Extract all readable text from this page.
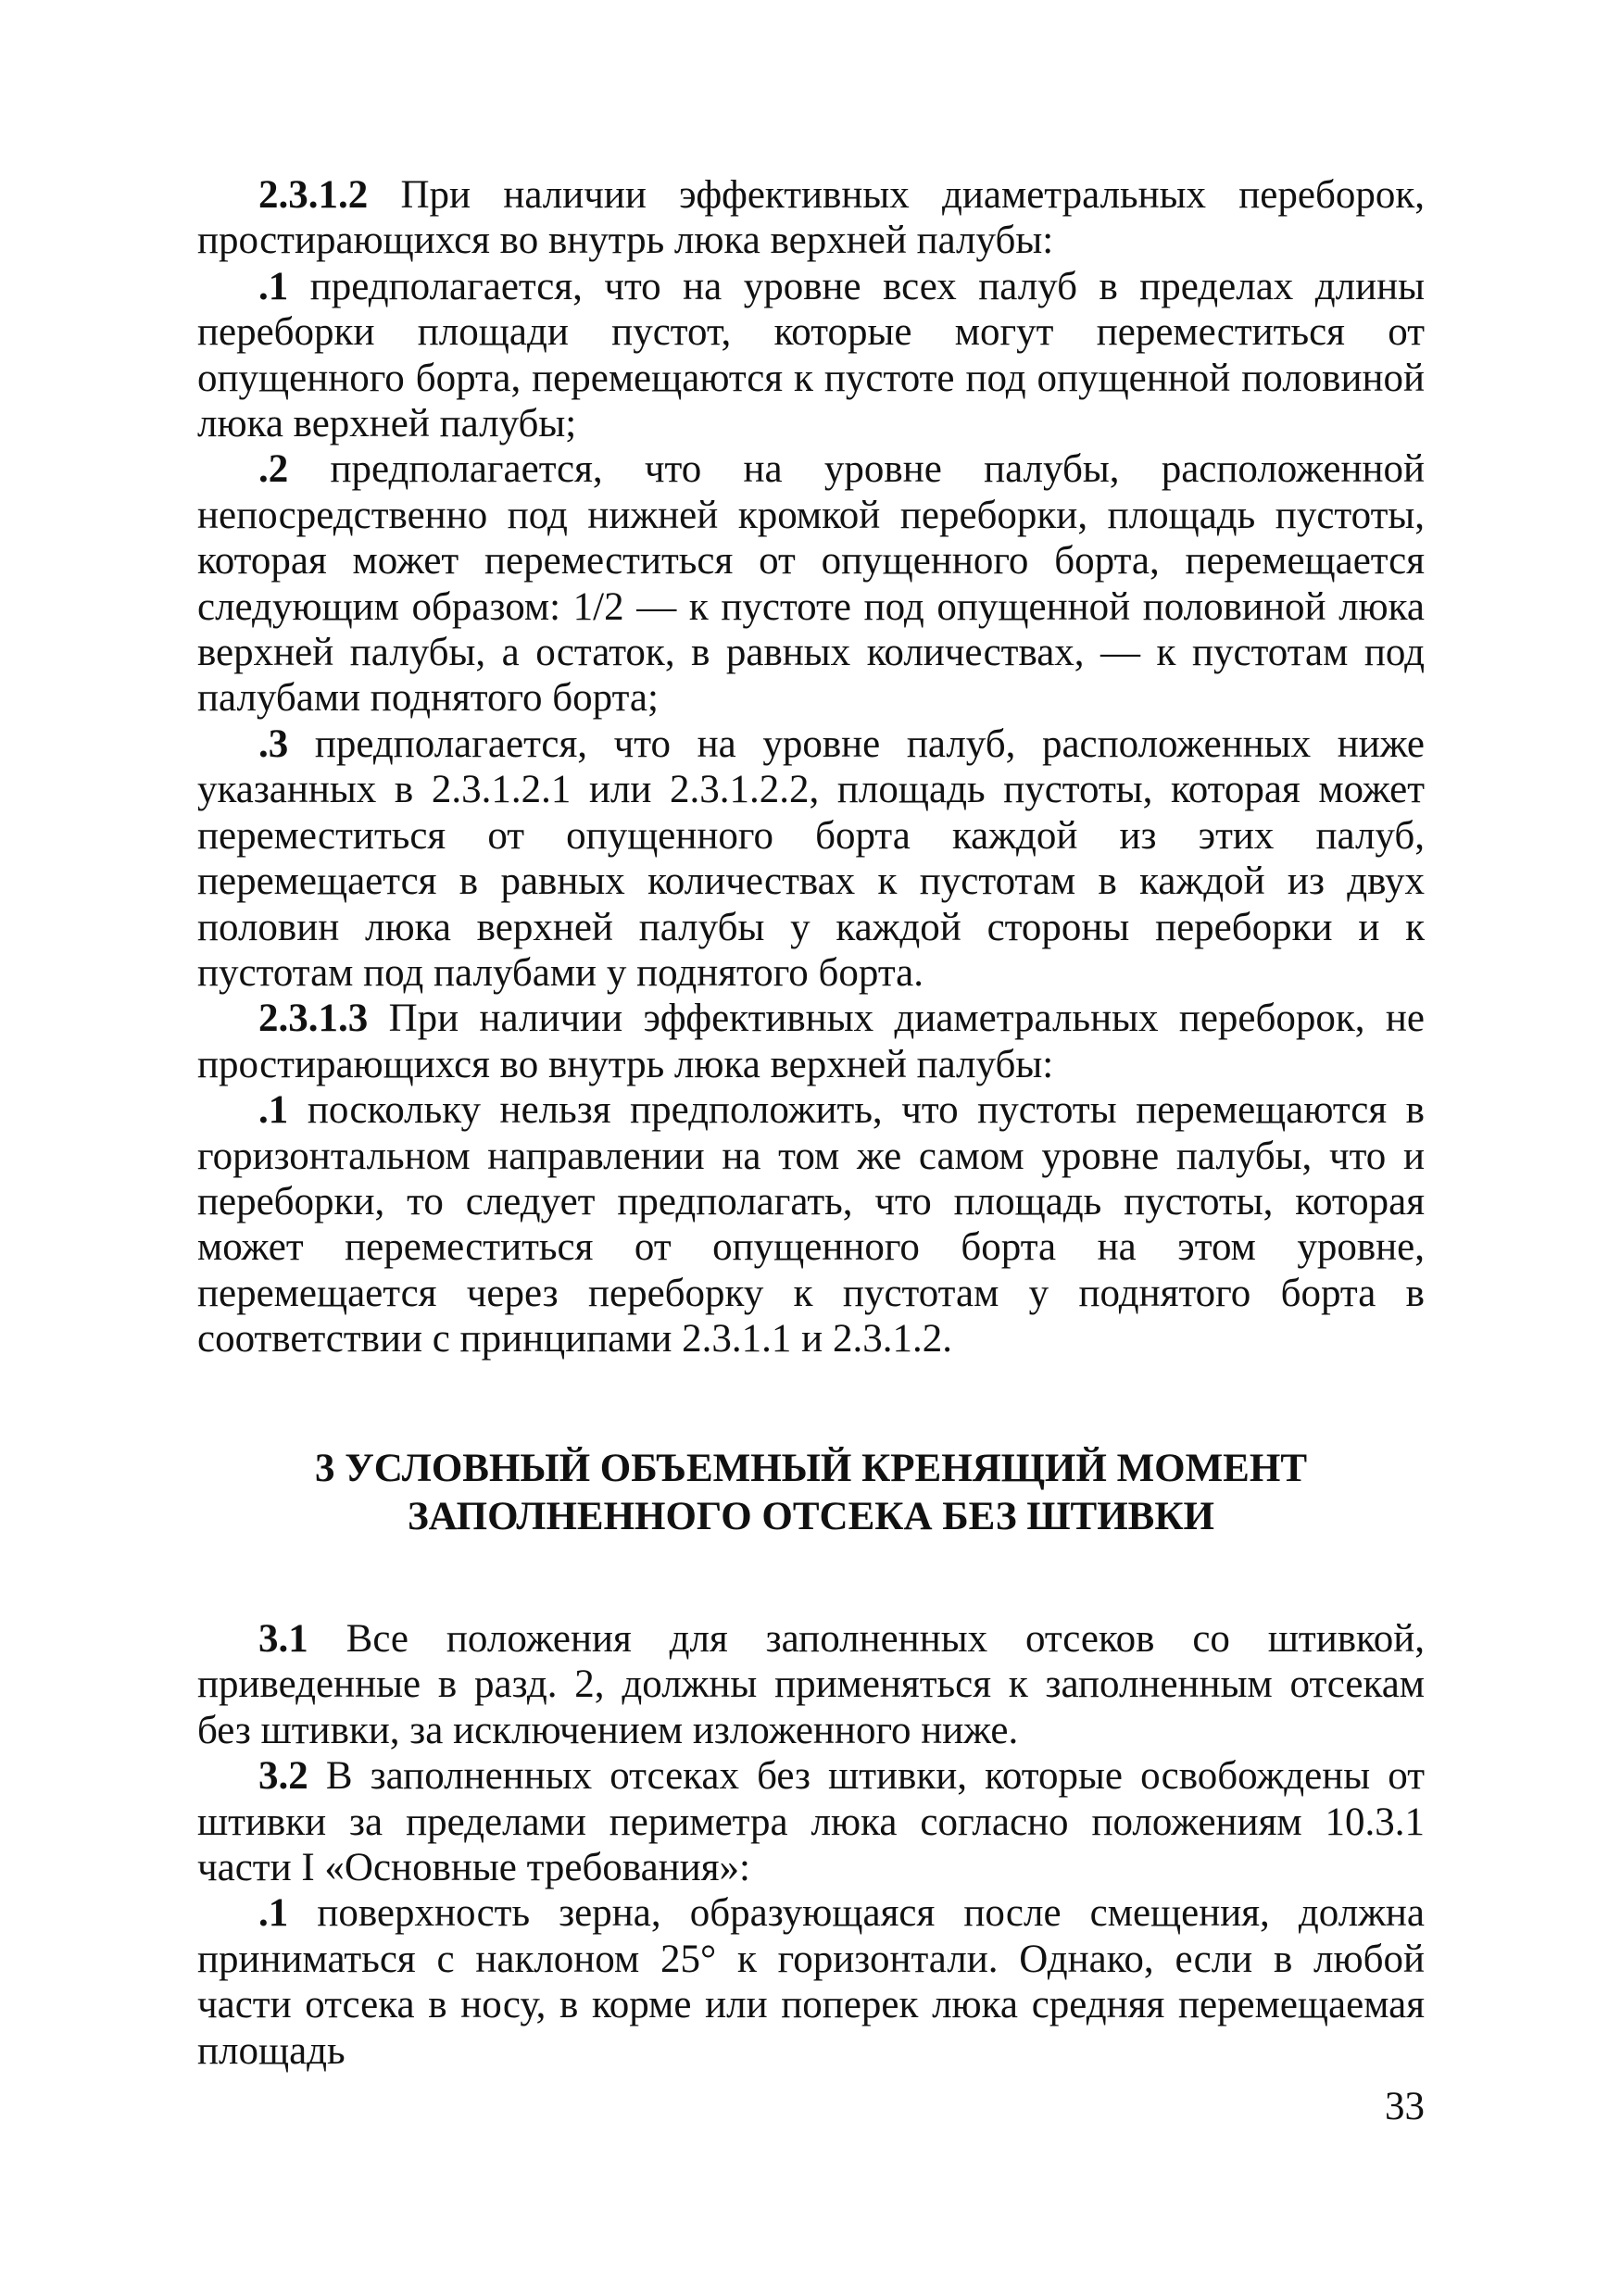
2.3.1.2 При наличии эффективных диаметральных переборок, простирающихся во внутрь люка верхней палубы:

.1 предполагается, что на уровне всех палуб в пределах длины переборки площади пустот, которые могут переместиться от опущенного борта, перемещаются к пустоте под опущенной половиной люка верхней палубы;

.2 предполагается, что на уровне палубы, расположенной непосредственно под нижней кромкой переборки, площадь пустоты, которая может переместиться от опущенного борта, перемещается следующим образом: 1/2 — к пустоте под опущенной половиной люка верхней палубы, а остаток, в равных количествах, — к пустотам под палубами поднятого борта;

.3 предполагается, что на уровне палуб, расположенных ниже указанных в 2.3.1.2.1 или 2.3.1.2.2, площадь пустоты, которая может переместиться от опущенного борта каждой из этих палуб, перемещается в равных количествах к пустотам в каждой из двух половин люка верхней палубы у каждой стороны переборки и к пустотам под палубами у поднятого борта.

2.3.1.3 При наличии эффективных диаметральных переборок, не простирающихся во внутрь люка верхней палубы:

.1 поскольку нельзя предположить, что пустоты перемещаются в горизонтальном направлении на том же самом уровне палубы, что и переборки, то следует предполагать, что площадь пустоты, которая может переместиться от опущенного борта на этом уровне, перемещается через переборку к пустотам у поднятого борта в соответствии с принципами 2.3.1.1 и 2.3.1.2.

3 УСЛОВНЫЙ ОБЪЕМНЫЙ КРЕНЯЩИЙ МОМЕНТ
ЗАПОЛНЕННОГО ОТСЕКА БЕЗ ШТИВКИ

3.1 Все положения для заполненных отсеков со штивкой, приведенные в разд. 2, должны применяться к заполненным отсекам без штивки, за исключением изложенного ниже.

3.2 В заполненных отсеках без штивки, которые освобождены от штивки за пределами периметра люка согласно положениям 10.3.1 части I «Основные требования»:

.1 поверхность зерна, образующаяся после смещения, должна приниматься с наклоном 25° к горизонтали. Однако, если в любой части отсека в носу, в корме или поперек люка средняя перемещаемая площадь

33
